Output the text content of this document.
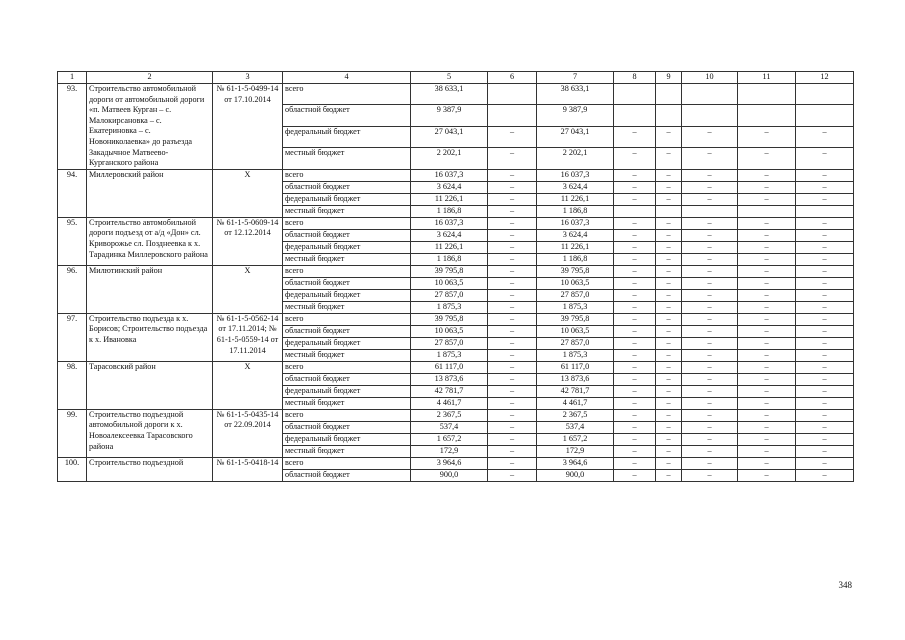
1	2	3	4	5	6	7	8	9	10	11	12
93.	Строительство автомобильной дороги от автомобильной дороги «п. Матвеев Курган – с. Малокирсановка – с. Екатериновка – с. Новониколаевка» до разъезда Закадычное Матвеево-Курганского района	№ 61-1-5-0499-14 от 17.10.2014	всего	38 633,1		38 633,1					
			областной бюджет	9 387,9		9 387,9					
			федеральный бюджет	27 043,1	–	27 043,1	–	–	–	–	–
			местный бюджет	2 202,1	–	2 202,1	–	–	–	–	–
94.	Миллеровский район	Х	всего	16 037,3	–	16 037,3	–	–	–	–	–
			областной бюджет	3 624,4	–	3 624,4	–	–	–	–	–
			федеральный бюджет	11 226,1	–	11 226,1	–	–	–	–	–
			местный бюджет	1 186,8	–	1 186,8					
95.	Строительство автомобильной дороги подъезд от а/д «Дон» сл. Криворожье сл. Позднеевка к х. Тарадинка Миллеровского района	№ 61-1-5-0609-14 от 12.12.2014	всего	16 037,3	–	16 037,3	–	–	–	–	–
			областной бюджет	3 624,4	–	3 624,4	–	–	–	–	–
			федеральный бюджет	11 226,1	–	11 226,1	–	–	–	–	–
			местный бюджет	1 186,8	–	1 186,8	–	–	–	–	–
96.	Милютинский район	Х	всего	39 795,8	–	39 795,8	–	–	–	–	–
			областной бюджет	10 063,5	–	10 063,5	–	–	–	–	–
			федеральный бюджет	27 857,0	–	27 857,0	–	–	–	–	–
			местный бюджет	1 875,3	–	1 875,3	–	–	–	–	–
97.	Строительство подъезда к х. Борисов; Строительство подъезда к х. Ивановка	№ 61-1-5-0562-14 от 17.11.2014; № 61-1-5-0559-14 от 17.11.2014	всего	39 795,8	–	39 795,8	–	–	–	–	–
			областной бюджет	10 063,5	–	10 063,5	–	–	–	–	–
			федеральный бюджет	27 857,0	–	27 857,0	–	–	–	–	–
			местный бюджет	1 875,3	–	1 875,3	–	–	–	–	–
98.	Тарасовский район	Х	всего	61 117,0	–	61 117,0	–	–	–	–	–
			областной бюджет	13 873,6	–	13 873,6	–	–	–	–	–
			федеральный бюджет	42 781,7	–	42 781,7	–	–	–	–	–
			местный бюджет	4 461,7	–	4 461,7	–	–	–	–	–
99.	Строительство подъездной автомобильной дороги к х. Новоалексеевка Тарасовского района	№ 61-1-5-0435-14 от 22.09.2014	всего	2 367,5	–	2 367,5	–	–	–	–	–
			областной бюджет	537,4	–	537,4	–	–	–	–	–
			федеральный бюджет	1 657,2	–	1 657,2	–	–	–	–	–
			местный бюджет	172,9	–	172,9	–	–	–	–	–
100.	Строительство подъездной	№ 61-1-5-0418-14	всего	3 964,6	–	3 964,6	–	–	–	–	–
			областной бюджет	900,0	–	900,0	–	–	–	–	–
348
